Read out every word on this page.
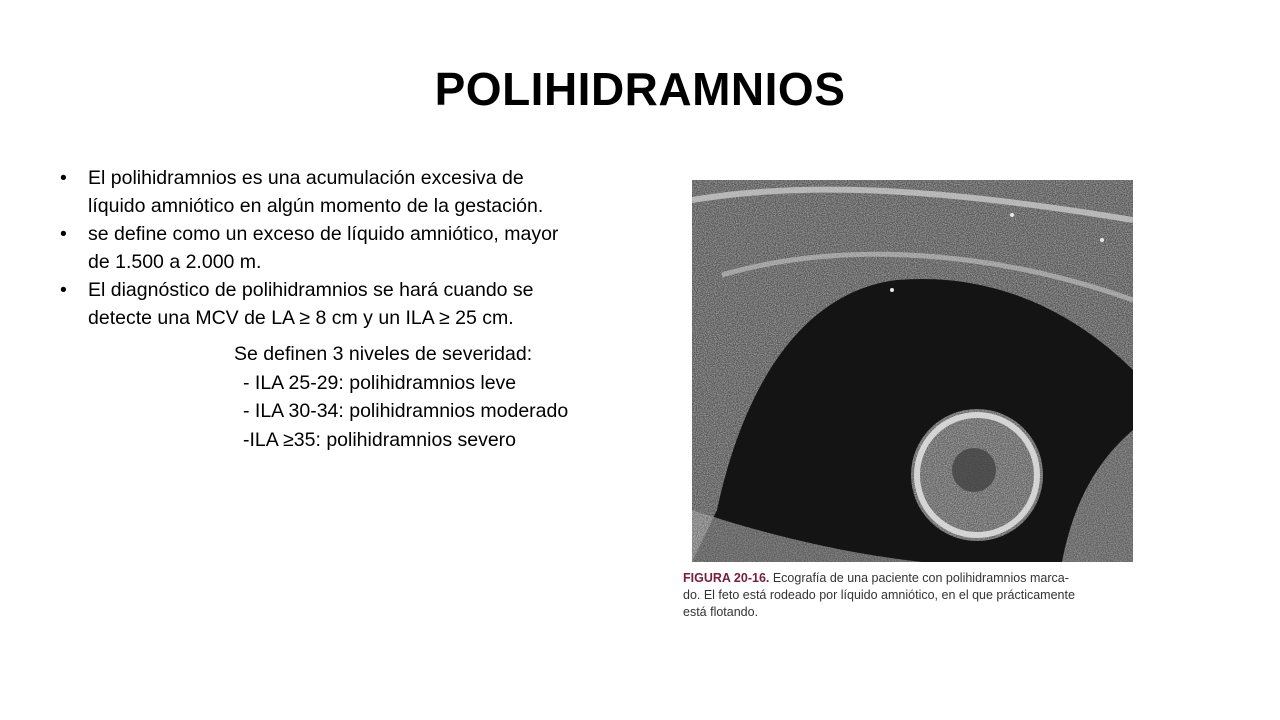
POLIHIDRAMNIOS
• El polihidramnios es una acumulación excesiva de
líquido amniótico en algún momento de la gestación.
• se define como un exceso de líquido amniótico, mayor
de 1.500 a 2.000 m.
• El diagnóstico de polihidramnios se hará cuando se
detecte una MCV de LA ≥ 8 cm y un ILA ≥ 25 cm.
Se definen 3 niveles de severidad:
- ILA 25-29: polihidramnios leve
- ILA 30-34: polihidramnios moderado
-ILA ≥35: polihidramnios severo
FIGURA 20-16. Ecografía de una paciente con polihidramnios marca-
do. El feto está rodeado por líquido amniótico, en el que prácticamente
está flotando.
